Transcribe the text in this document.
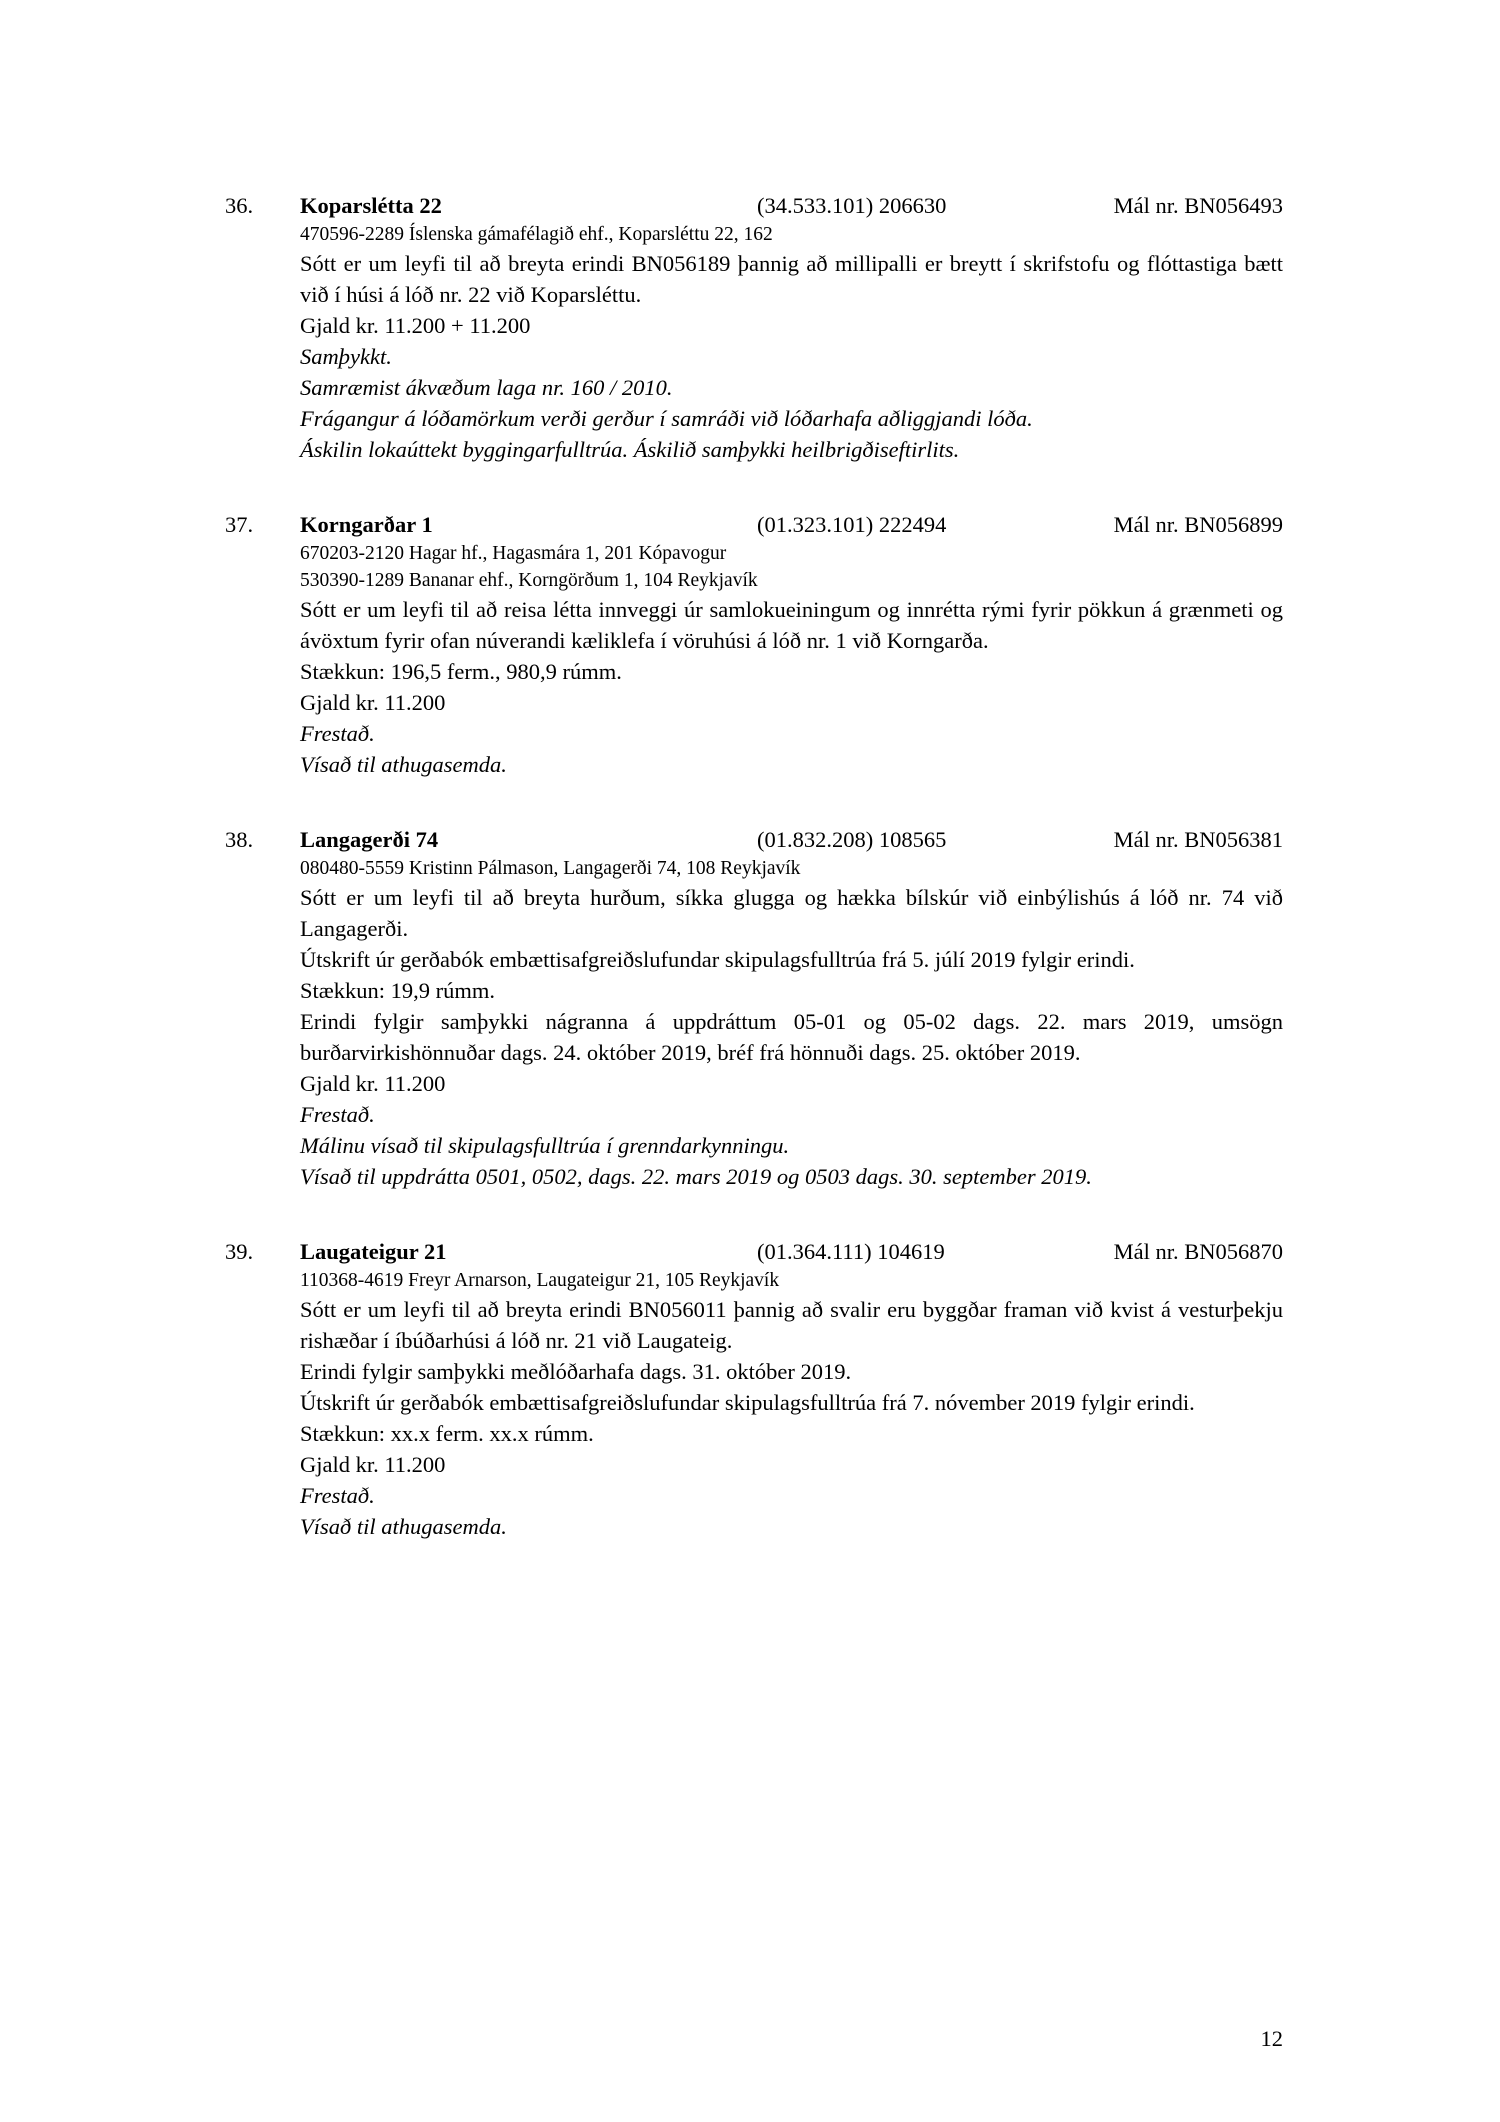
36.	Koparslétta 22	(34.533.101) 206630	Mál nr. BN056493
470596-2289 Íslenska gámafélagið ehf., Koparsléttu 22, 162
Sótt er um leyfi til að breyta erindi BN056189 þannig að millipalli er breytt í skrifstofu og flóttastiga bætt við í húsi á lóð nr. 22 við Koparsléttu.
Gjald kr. 11.200 + 11.200
Samþykkt.
Samræmist ákvæðum laga nr. 160 / 2010.
Frágangur á lóðamörkum verði gerður í samráði við lóðarhafa aðliggjandi lóða.
Áskilin lokaúttekt byggingarfulltrúa. Áskilið samþykki heilbrigðiseftirlits.
37.	Korngarðar 1	(01.323.101) 222494	Mál nr. BN056899
670203-2120 Hagar hf., Hagasmára 1, 201 Kópavogur
530390-1289 Bananar ehf., Korngörðum 1, 104 Reykjavík
Sótt er um leyfi til að reisa létta innveggi úr samlokueiningum og innrétta rými fyrir pökkun á grænmeti og ávöxtum fyrir ofan núverandi kæliklefa í vöruhúsi á lóð nr. 1 við Korngarða.
Stækkun: 196,5 ferm., 980,9 rúmm.
Gjald kr. 11.200
Frestað.
Vísað til athugasemda.
38.	Langagerði 74	(01.832.208) 108565	Mál nr. BN056381
080480-5559 Kristinn Pálmason, Langagerði 74, 108 Reykjavík
Sótt er um leyfi til að breyta hurðum, síkka glugga og hækka bílskúr við einbýlishús á lóð nr. 74 við Langagerði.
Útskrift úr gerðabók embættisafgreiðslufundar skipulagsfulltrúa frá 5. júlí 2019 fylgir erindi.
Stækkun: 19,9 rúmm.
Erindi fylgir samþykki nágranna á uppdráttum 05-01 og 05-02 dags. 22. mars 2019, umsögn burðarvirkishönnuðar dags. 24. október 2019, bréf frá hönnuði dags. 25. október 2019.
Gjald kr. 11.200
Frestað.
Málinu vísað til skipulagsfulltrúa í grenndarkynningu.
Vísað til uppdrátta 0501, 0502, dags. 22. mars 2019 og 0503 dags. 30. september 2019.
39.	Laugateigur 21	(01.364.111) 104619	Mál nr. BN056870
110368-4619 Freyr Arnarson, Laugateigur 21, 105 Reykjavík
Sótt er um leyfi til að breyta erindi BN056011 þannig að svalir eru byggðar framan við kvist á vesturþekju rishæðar í íbúðarhúsi á lóð nr. 21 við Laugateig.
Erindi fylgir samþykki meðlóðarhafa dags. 31. október 2019.
Útskrift úr gerðabók embættisafgreiðslufundar skipulagsfulltrúa frá 7. nóvember 2019 fylgir erindi.
Stækkun: xx.x ferm. xx.x rúmm.
Gjald kr. 11.200
Frestað.
Vísað til athugasemda.
12
